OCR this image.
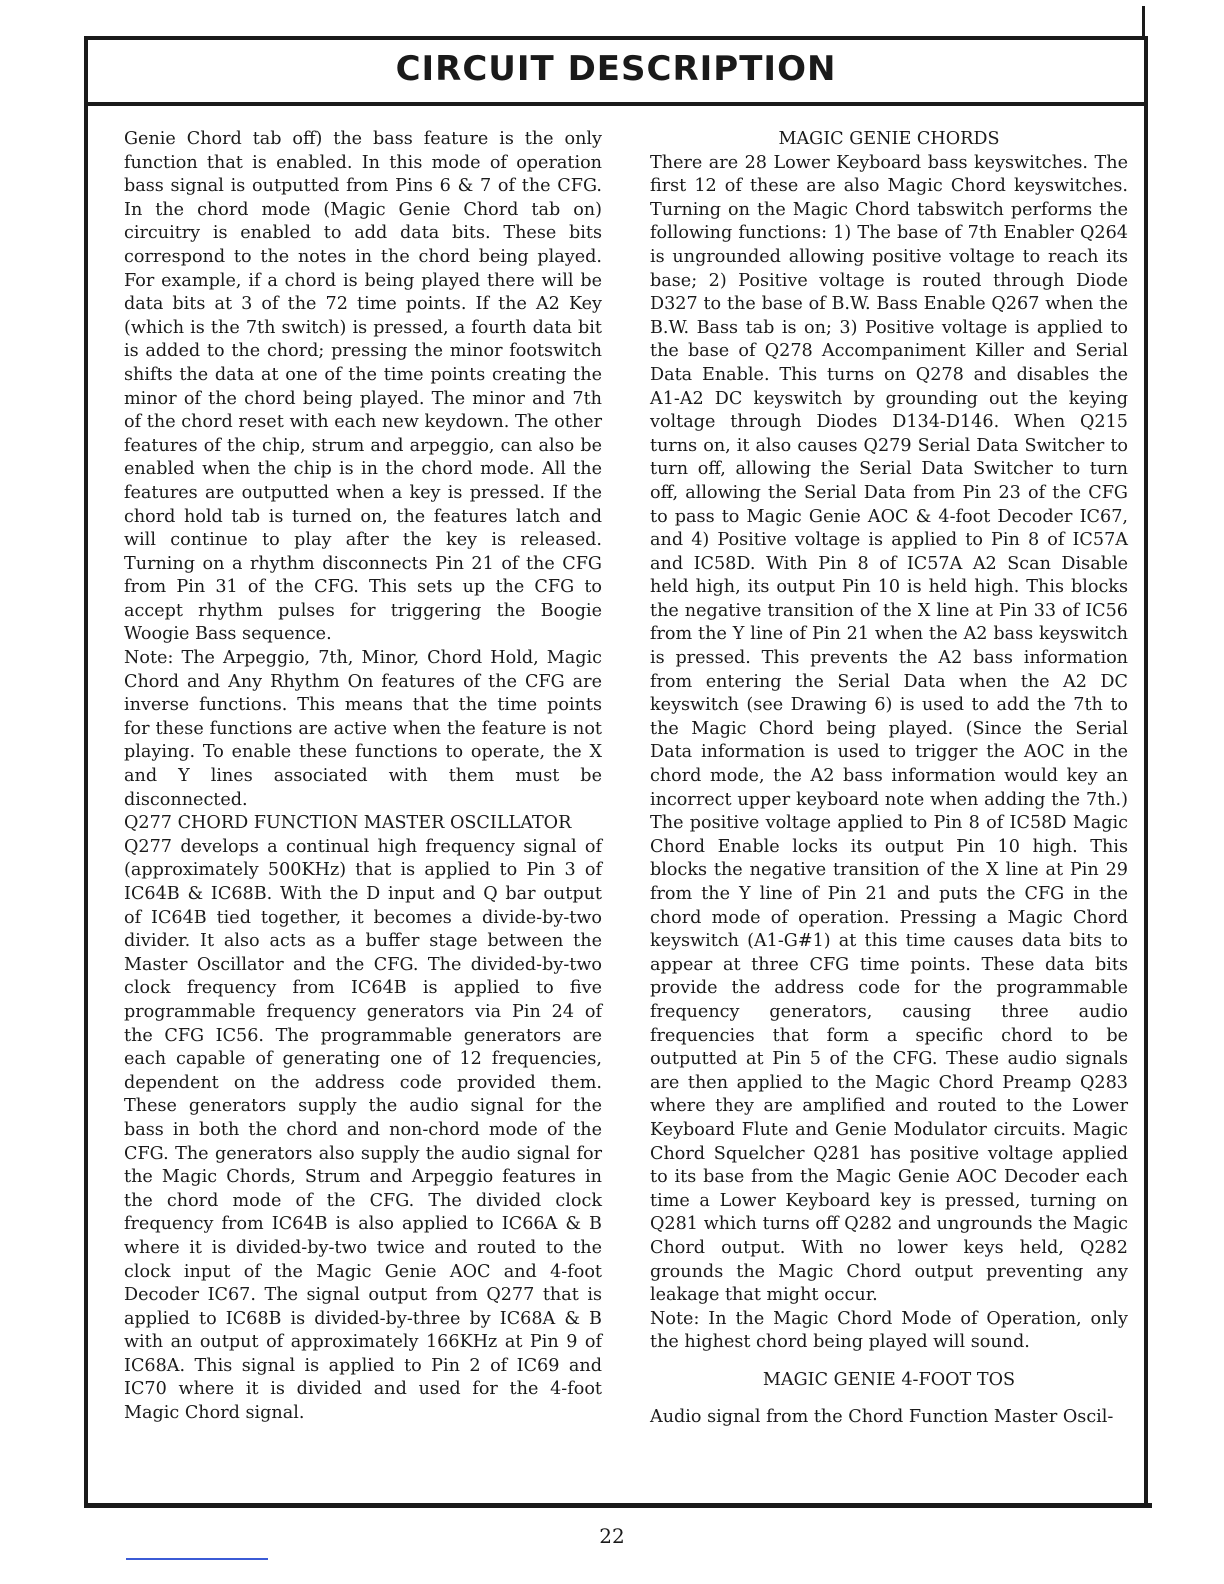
CIRCUIT DESCRIPTION

Genie Chord tab off) the bass feature is the only function that is enabled. In this mode of operation bass signal is outputted from Pins 6 & 7 of the CFG. In the chord mode (Magic Genie Chord tab on) circuitry is enabled to add data bits. These bits correspond to the notes in the chord being played. For example, if a chord is being played there will be data bits at 3 of the 72 time points. If the A2 Key (which is the 7th switch) is pressed, a fourth data bit is added to the chord; pressing the minor footswitch shifts the data at one of the time points creating the minor of the chord being played. The minor and 7th of the chord reset with each new keydown. The other features of the chip, strum and arpeggio, can also be enabled when the chip is in the chord mode. All the features are outputted when a key is pressed. If the chord hold tab is turned on, the features latch and will continue to play after the key is released. Turning on a rhythm disconnects Pin 21 of the CFG from Pin 31 of the CFG. This sets up the CFG to accept rhythm pulses for triggering the Boogie Woogie Bass sequence.

Note: The Arpeggio, 7th, Minor, Chord Hold, Magic Chord and Any Rhythm On features of the CFG are inverse functions. This means that the time points for these functions are active when the feature is not playing. To enable these functions to operate, the X and Y lines associated with them must be disconnected.

Q277 CHORD FUNCTION MASTER OSCILLATOR

Q277 develops a continual high frequency signal of (approximately 500KHz) that is applied to Pin 3 of IC64B & IC68B. With the D input and Q bar output of IC64B tied together, it becomes a divide-by-two divider. It also acts as a buffer stage between the Master Oscillator and the CFG. The divided-by-two clock frequency from IC64B is applied to five programmable frequency generators via Pin 24 of the CFG IC56. The programmable generators are each capable of generating one of 12 frequencies, dependent on the address code provided them. These generators supply the audio signal for the bass in both the chord and non-chord mode of the CFG. The generators also supply the audio signal for the Magic Chords, Strum and Arpeggio features in the chord mode of the CFG. The divided clock frequency from IC64B is also applied to IC66A & B where it is divided-by-two twice and routed to the clock input of the Magic Genie AOC and 4-foot Decoder IC67. The signal output from Q277 that is applied to IC68B is divided-by-three by IC68A & B with an output of approximately 166KHz at Pin 9 of IC68A. This signal is applied to Pin 2 of IC69 and IC70 where it is divided and used for the 4-foot Magic Chord signal.

MAGIC GENIE CHORDS

There are 28 Lower Keyboard bass keyswitches. The first 12 of these are also Magic Chord keyswitches. Turning on the Magic Chord tabswitch performs the following functions: 1) The base of 7th Enabler Q264 is ungrounded allowing positive voltage to reach its base; 2) Positive voltage is routed through Diode D327 to the base of B.W. Bass Enable Q267 when the B.W. Bass tab is on; 3) Positive voltage is applied to the base of Q278 Accompaniment Killer and Serial Data Enable. This turns on Q278 and disables the A1-A2 DC keyswitch by grounding out the keying voltage through Diodes D134-D146. When Q215 turns on, it also causes Q279 Serial Data Switcher to turn off, allowing the Serial Data Switcher to turn off, allowing the Serial Data from Pin 23 of the CFG to pass to Magic Genie AOC & 4-foot Decoder IC67, and 4) Positive voltage is applied to Pin 8 of IC57A and IC58D. With Pin 8 of IC57A A2 Scan Disable held high, its output Pin 10 is held high. This blocks the negative transition of the X line at Pin 33 of IC56 from the Y line of Pin 21 when the A2 bass keyswitch is pressed. This prevents the A2 bass information from entering the Serial Data when the A2 DC keyswitch (see Drawing 6) is used to add the 7th to the Magic Chord being played. (Since the Serial Data information is used to trigger the AOC in the chord mode, the A2 bass information would key an incorrect upper keyboard note when adding the 7th.) The positive voltage applied to Pin 8 of IC58D Magic Chord Enable locks its output Pin 10 high. This blocks the negative transition of the X line at Pin 29 from the Y line of Pin 21 and puts the CFG in the chord mode of operation. Pressing a Magic Chord keyswitch (A1-G#1) at this time causes data bits to appear at three CFG time points. These data bits provide the address code for the programmable frequency generators, causing three audio frequencies that form a specific chord to be outputted at Pin 5 of the CFG. These audio signals are then applied to the Magic Chord Preamp Q283 where they are amplified and routed to the Lower Keyboard Flute and Genie Modulator circuits. Magic Chord Squelcher Q281 has positive voltage applied to its base from the Magic Genie AOC Decoder each time a Lower Keyboard key is pressed, turning on Q281 which turns off Q282 and ungrounds the Magic Chord output. With no lower keys held, Q282 grounds the Magic Chord output preventing any leakage that might occur.

Note: In the Magic Chord Mode of Operation, only the highest chord being played will sound.

MAGIC GENIE 4-FOOT TOS

Audio signal from the Chord Function Master Oscil-

22
